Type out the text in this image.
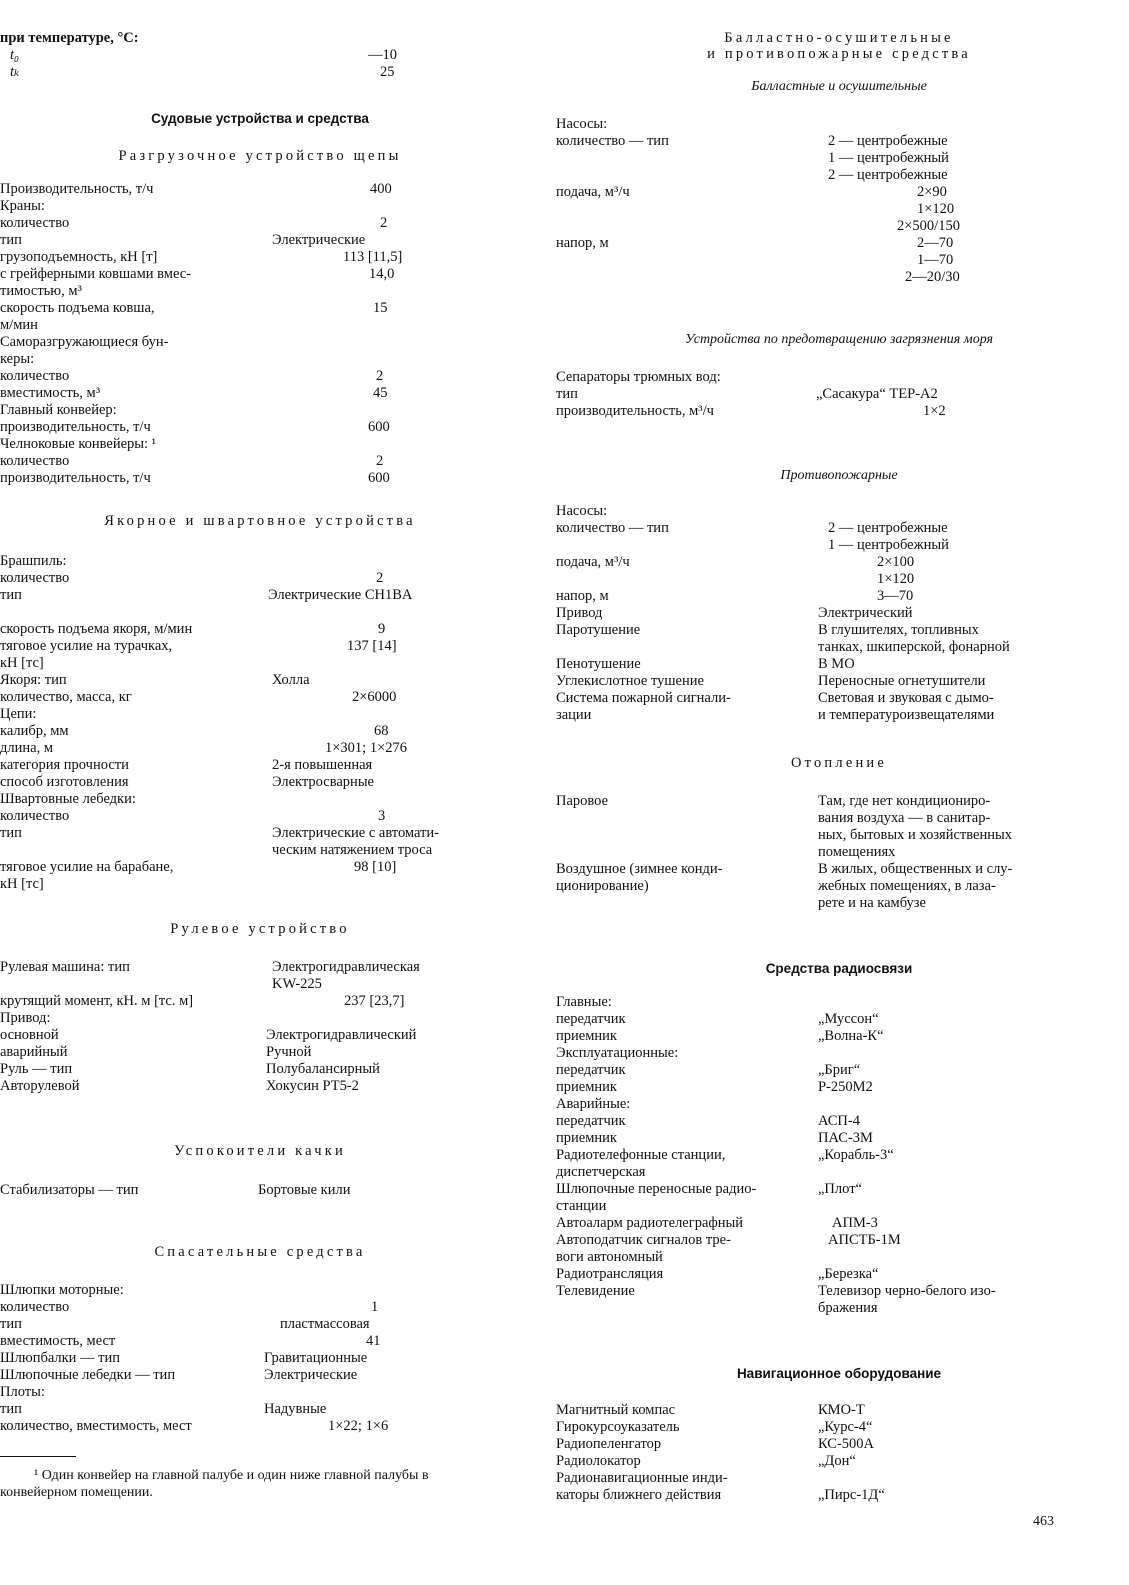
при температуре, °C:
t₀	—10
tₖ	25
Судовые устройства и средства
Разгрузочное устройство щепы
Производительность, т/ч	400
Краны:
количество	2
тип	Электрические
грузоподъемность, кН [т]	113 [11,5]
с грейферными ковшами вмес-	14,0
тимостью, м³
скорость подъема ковша,	15
м/мин
Саморазгружающиеся бун-
керы:
количество	2
вместимость, м³	45
Главный конвейер:
производительность, т/ч	600
Челноковые конвейеры: ¹
количество	2
производительность, т/ч	600
Якорное и швартовное устройства
Брашпиль:
количество	2
тип	Электрические CH1BA
скорость подъема якоря, м/мин	9
тяговое усилие на турачках,	137 [14]
кН [тс]
Якоря: тип	Холла
количество, масса, кг	2×6000
Цепи:
калибр, мм	68
длина, м	1×301; 1×276
категория прочности	2-я повышенная
способ изготовления	Электросварные
Швартовные лебедки:
количество	3
тип	Электрические с автомати-
ческим натяжением троса
тяговое усилие на барабане,	98 [10]
кН [тс]
Рулевое устройство
Рулевая машина: тип	Электрогидравлическая
KW-225
крутящий момент, кН. м [тс. м]	237 [23,7]
Привод:
основной	Электрогидравлический
аварийный	Ручной
Руль — тип	Полубалансирный
Авторулевой	Хокусин РТ5-2
Успокоители качки
Стабилизаторы — тип	Бортовые кили
Спасательные средства
Шлюпки моторные:
количество	1
тип	пластмассовая
вместимость, мест	41
Шлюпбалки — тип	Гравитационные
Шлюпочные лебедки — тип	Электрические
Плоты:
тип	Надувные
количество, вместимость, мест	1×22; 1×6
¹ Один конвейер на главной палубе и один ниже главной палубы в конвейерном помещении.
Балластно-осушительные
и противопожарные средства
Балластные и осушительные
Насосы:
количество — тип	2 — центробежные
1 — центробежный
2 — центробежные
подача, м³/ч	2×90
1×120
2×500/150
напор, м	2—70
1—70
2—20/30
Устройства по предотвращению загрязнения моря
Сепараторы трюмных вод:
тип	„Сасакура“ ТЕР-А2
производительность, м³/ч	1×2
Противопожарные
Насосы:
количество — тип	2 — центробежные
1 — центробежный
подача, м³/ч	2×100
1×120
напор, м	3—70
Привод	Электрический
Паротушение	В глушителях, топливных
танках, шкиперской, фонарной
Пенотушение	В МО
Углекислотное тушение	Переносные огнетушители
Система пожарной сигнали-	Световая и звуковая с дымо-
зации	и температуроизвещателями
Отопление
Паровое	Там, где нет кондициониро-
вания воздуха — в санитар-
ных, бытовых и хозяйственных
помещениях
Воздушное (зимнее конди-	В жилых, общественных и слу-
ционирование)	жебных помещениях, в лаза-
рете и на камбузе
Средства радиосвязи
Главные:
передатчик	„Муссон“
приемник	„Волна-К“
Эксплуатационные:
передатчик	„Бриг“
приемник	Р-250М2
Аварийные:
передатчик	АСП-4
приемник	ПАС-3М
Радиотелефонные станции,	„Корабль-3“
диспетчерская
Шлюпочные переносные радио-	„Плот“
станции
Автоаларм радиотелеграфный	АПМ-3
Автоподатчик сигналов тре-	АПСТБ-1М
воги автономный
Радиотрансляция	„Березка“
Телевидение	Телевизор черно-белого изо-
бражения
Навигационное оборудование
Магнитный компас	КМО-Т
Гирокурсоуказатель	„Курс-4“
Радиопеленгатор	КС-500А
Радиолокатор	„Дон“
Радионавигационные инди-
каторы ближнего действия	„Пирс-1Д“
463
